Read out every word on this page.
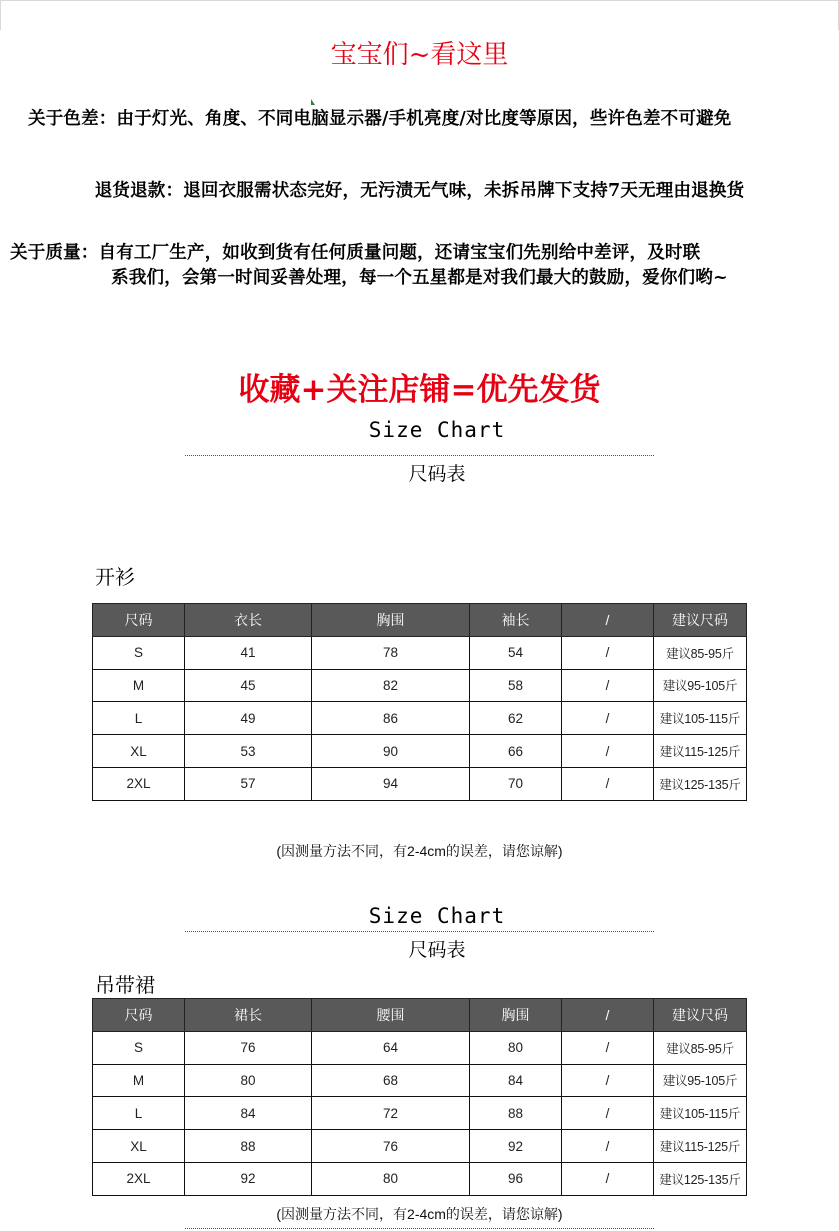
宝宝们~看这里
关于色差：由于灯光、角度、不同电脑显示器/手机亮度/对比度等原因，些许色差不可避免
退货退款：退回衣服需状态完好，无污渍无气味，未拆吊牌下支持7天无理由退换货
关于质量：自有工厂生产，如收到货有任何质量问题，还请宝宝们先别给中差评，及时联
系我们，会第一时间妥善处理，每一个五星都是对我们最大的鼓励，爱你们哟~
收藏+关注店铺=优先发货
Size Chart
尺码表
开衫
尺码	衣长	胸围	袖长	/	建议尺码
S	41	78	54	/	建议85-95斤
M	45	82	58	/	建议95-105斤
L	49	86	62	/	建议105-115斤
XL	53	90	66	/	建议115-125斤
2XL	57	94	70	/	建议125-135斤
(因测量方法不同，有2-4cm的误差，请您谅解)
Size Chart
尺码表
吊带裙
尺码	裙长	腰围	胸围	/	建议尺码
S	76	64	80	/	建议85-95斤
M	80	68	84	/	建议95-105斤
L	84	72	88	/	建议105-115斤
XL	88	76	92	/	建议115-125斤
2XL	92	80	96	/	建议125-135斤
(因测量方法不同，有2-4cm的误差，请您谅解)
